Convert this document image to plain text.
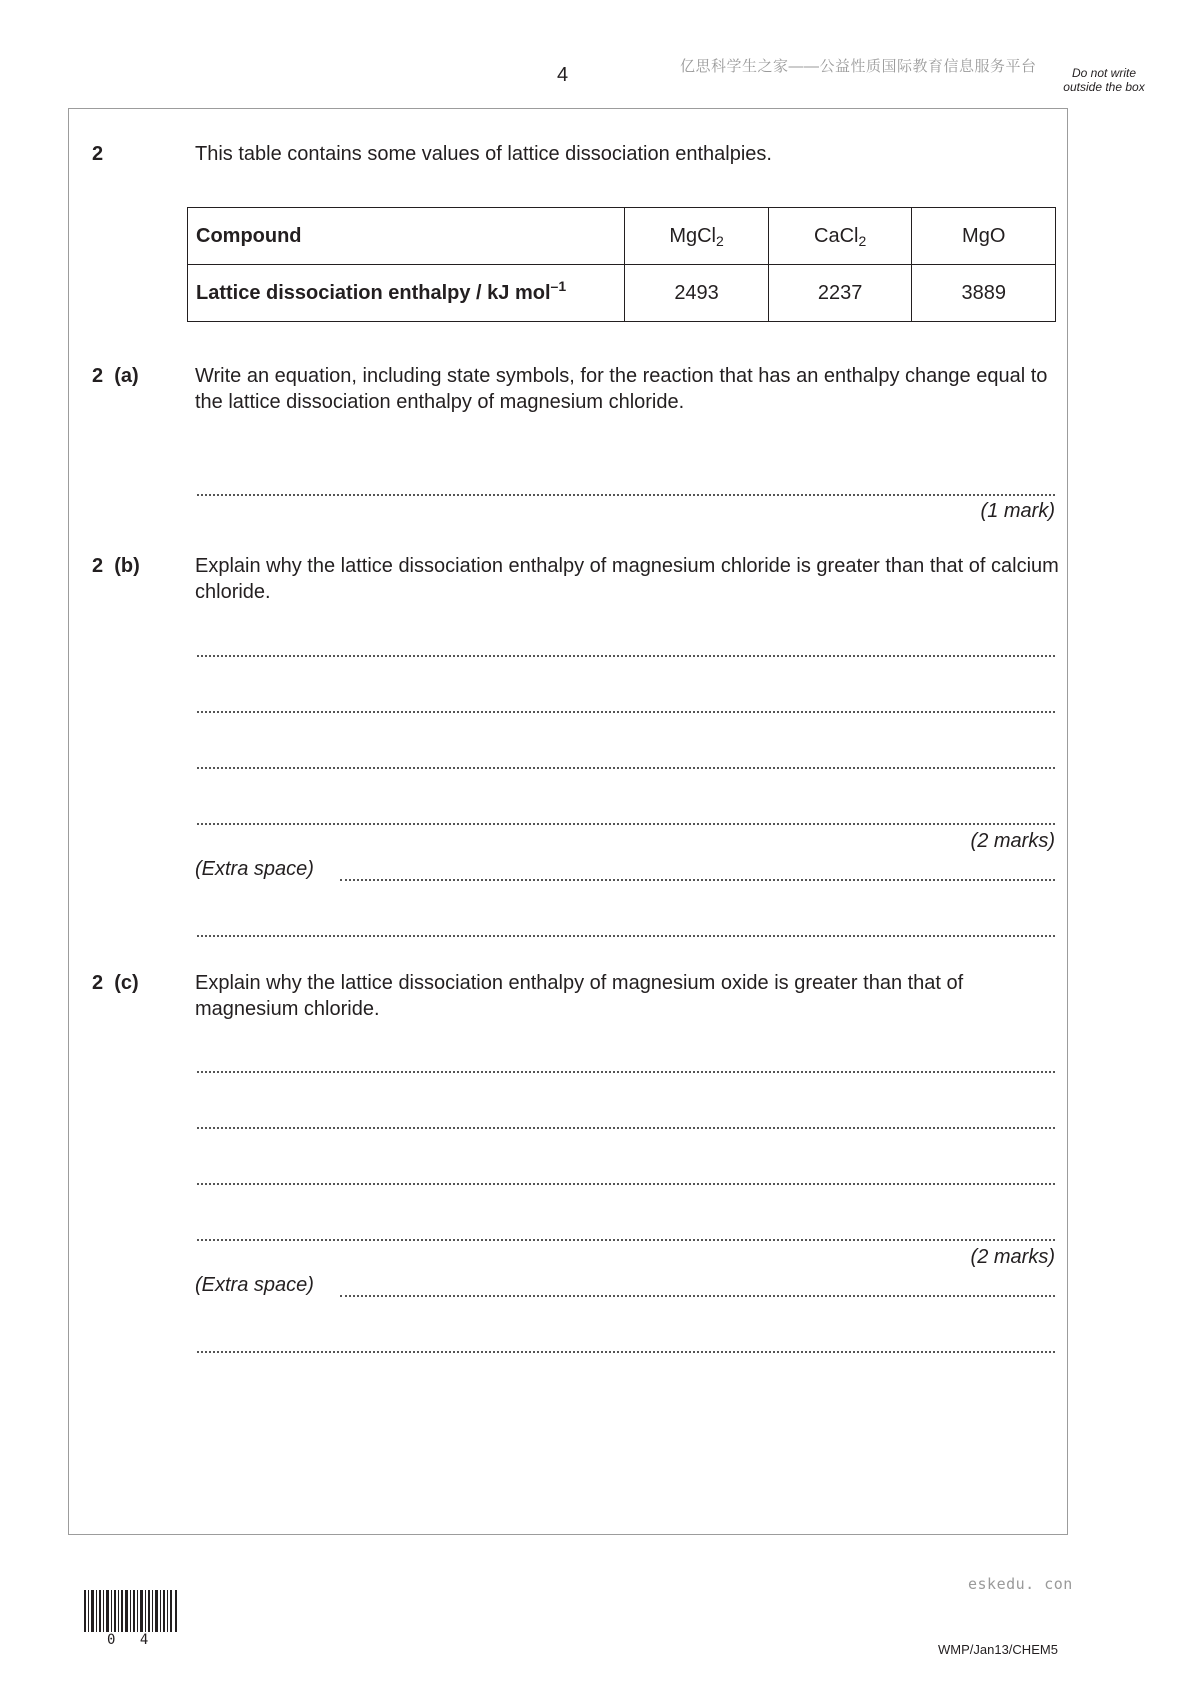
4	亿思科学生之家——公益性质国际教育信息服务平台	Do not write outside the box
2	This table contains some values of lattice dissociation enthalpies.
Compound	MgCl$_2$	CaCl$_2$	MgO
Lattice dissociation enthalpy / kJ mol$^{-1}$	2493	2237	3889
2  (a)	Write an equation, including state symbols, for the reaction that has an enthalpy change equal to the lattice dissociation enthalpy of magnesium chloride.
(1 mark)
2  (b)	Explain why the lattice dissociation enthalpy of magnesium chloride is greater than that of calcium chloride.
(2 marks)
(Extra space)
2  (c)	Explain why the lattice dissociation enthalpy of magnesium oxide is greater than that of magnesium chloride.
(2 marks)
(Extra space)
eskedu. con
0 4
WMP/Jan13/CHEM5
